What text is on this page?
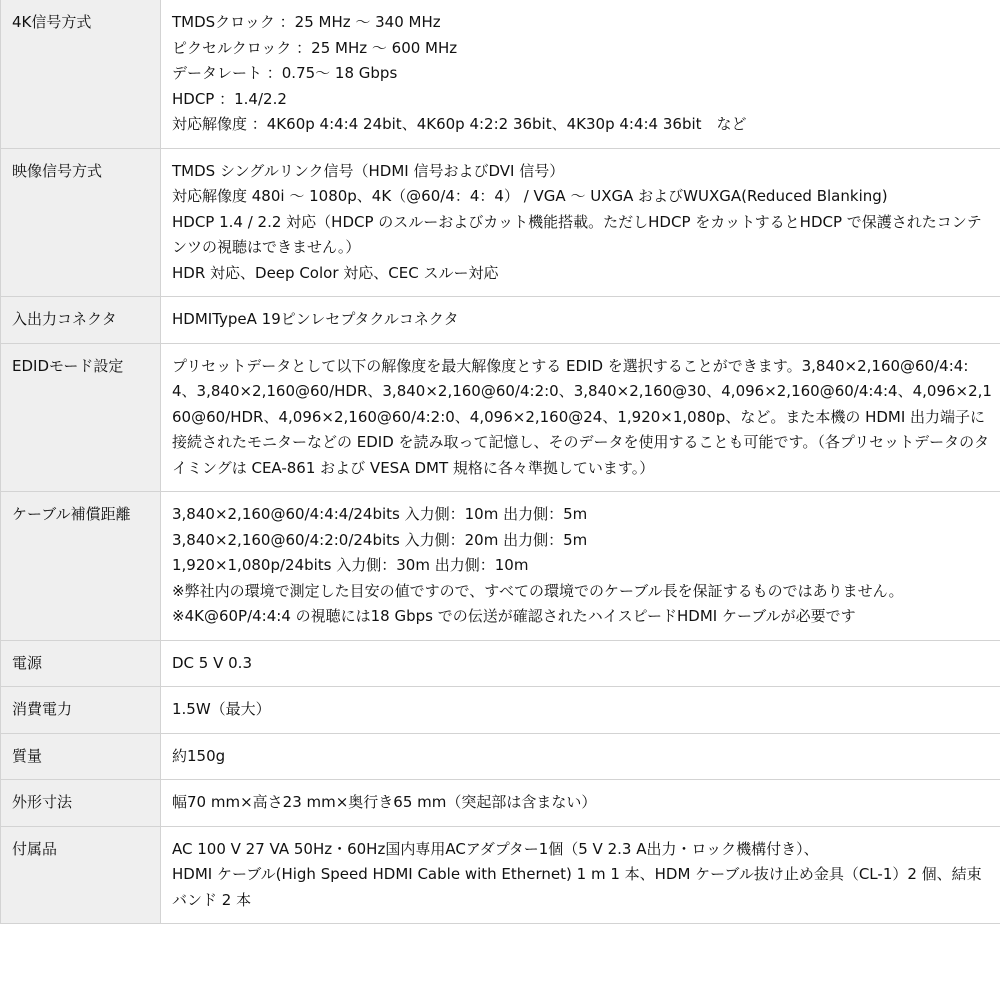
4K信号方式	TMDSクロック ：25 MHz ～ 340 MHz
ピクセルクロック ：25 MHz ～ 600 MHz
データレート ：0.75～ 18 Gbps
HDCP ：1.4/2.2
対応解像度 ：4K60p 4:4:4 24bit、4K60p 4:2:2 36bit、4K30p 4:4:4 36bit　など

映像信号方式	TMDS シングルリンク信号（HDMI 信号およびDVI 信号）
対応解像度 480i ～ 1080p、4K（@60/4：4：4） / VGA ～ UXGA およびWUXGA(Reduced Blanking)
HDCP 1.4 / 2.2 対応（HDCP のスルーおよびカット機能搭載。ただしHDCP をカットするとHDCP で保護されたコンテンツの視聴はできません。）
HDR 対応、Deep Color 対応、CEC スルー対応

入出力コネクタ	HDMITypeA 19ピンレセプタクルコネクタ

EDIDモード設定	プリセットデータとして以下の解像度を最大解像度とする EDID を選択することができます。3,840×2,160@60/4:4:4、3,840×2,160@60/HDR、3,840×2,160@60/4:2:0、3,840×2,160@30、4,096×2,160@60/4:4:4、4,096×2,160@60/HDR、4,096×2,160@60/4:2:0、4,096×2,160@24、1,920×1,080p、など。また本機の HDMI 出力端子に接続されたモニターなどの EDID を読み取って記憶し、そのデータを使用することも可能です。（各プリセットデータのタイミングは CEA-861 および VESA DMT 規格に各々準拠しています。）

ケーブル補償距離	3,840×2,160@60/4:4:4/24bits 入力側：10m 出力側：5m
3,840×2,160@60/4:2:0/24bits 入力側：20m 出力側：5m
1,920×1,080p/24bits 入力側：30m 出力側：10m
※弊社内の環境で測定した目安の値ですので、すべての環境でのケーブル長を保証するものではありません。
※4K@60P/4:4:4 の視聴には18 Gbps での伝送が確認されたハイスピードHDMI ケーブルが必要です

電源	DC 5 V 0.3

消費電力	1.5W（最大）

質量	約150g

外形寸法	幅70 mm×高さ23 mm×奥行き65 mm（突起部は含まない）

付属品	AC 100 V 27 VA 50Hz・60Hz国内専用ACアダプター1個（5 V 2.3 A出力・ロック機構付き）、
HDMI ケーブル(High Speed HDMI Cable with Ethernet) 1 m 1 本、HDM ケーブル抜け止め金具（CL-1）2 個、結束バンド 2 本
